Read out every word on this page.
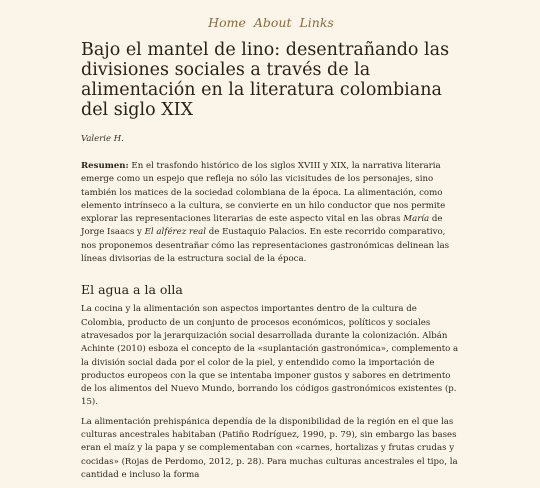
Home About Links
Bajo el mantel de lino: desentrañando las divisiones sociales a través de la alimentación en la literatura colombiana del siglo XIX
Valerie H.
Resumen: En el trasfondo histórico de los siglos XVIII y XIX, la narrativa literaria emerge como un espejo que refleja no sólo las vicisitudes de los personajes, sino también los matices de la sociedad colombiana de la época. La alimentación, como elemento intrínseco a la cultura, se convierte en un hilo conductor que nos permite explorar las representaciones literarias de este aspecto vital en las obras María de Jorge Isaacs y El alférez real de Eustaquio Palacios. En este recorrido comparativo, nos proponemos desentrañar cómo las representaciones gastronómicas delinean las líneas divisorias de la estructura social de la época.
El agua a la olla

La cocina y la alimentación son aspectos importantes dentro de la cultura de Colombia, producto de un conjunto de procesos económicos, políticos y sociales atravesados por la jerarquización social desarrollada durante la colonización. Albán Achinte (2010) esboza el concepto de la «suplantación gastronómica», complemento a la división social dada por el color de la piel, y entendido como la importación de productos europeos con la que se intentaba imponer gustos y sabores en detrimento de los alimentos del Nuevo Mundo, borrando los códigos gastronómicos existentes (p. 15).

La alimentación prehispánica dependía de la disponibilidad de la región en el que las culturas ancestrales habitaban (Patiño Rodríguez, 1990, p. 79), sin embargo las bases eran el maíz y la papa y se complementaban con «carnes, hortalizas y frutas crudas y cocidas» (Rojas de Perdomo, 2012, p. 28). Para muchas culturas ancestrales el tipo, la cantidad e incluso la forma
